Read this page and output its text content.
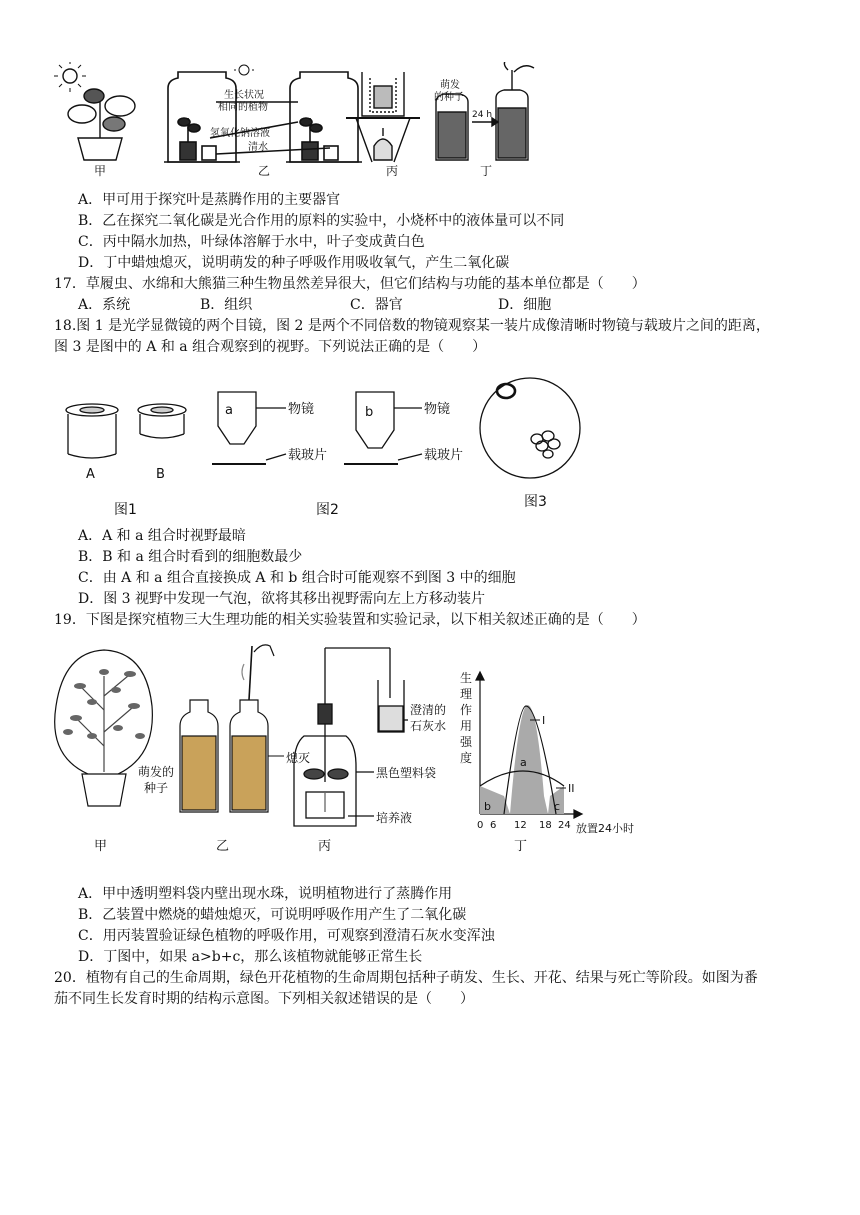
甲
生长状况
相同的植物
氢氧化钠溶液
清水
乙	丙
萌发
的种子
24 h
丁
A．甲可用于探究叶是蒸腾作用的主要器官
B．乙在探究二氧化碳是光合作用的原料的实验中，小烧杯中的液体量可以不同
C．丙中隔水加热，叶绿体溶解于水中，叶子变成黄白色
D．丁中蜡烛熄灭，说明萌发的种子呼吸作用吸收氧气，产生二氧化碳
17．草履虫、水绵和大熊猫三种生物虽然差异很大，但它们结构与功能的基本单位都是（　　）
A．系统	B．组织	C．器官	D．细胞
18.图 1 是光学显微镜的两个目镜，图 2 是两个不同倍数的物镜观察某一装片成像清晰时物镜与载玻片之间的距离，
图 3 是图中的 A 和 a 组合观察到的视野。下列说法正确的是（　　）
A	B
a	物镜
载玻片
b	物镜
载玻片
图1	图2	图3
A．A 和 a 组合时视野最暗
B．B 和 a 组合时看到的细胞数最少
C．由 A 和 a 组合直接换成 A 和 b 组合时可能观察不到图 3 中的细胞
D．图 3 视野中发现一气泡，欲将其移出视野需向左上方移动装片
19．下图是探究植物三大生理功能的相关实验装置和实验记录，以下相关叙述正确的是（　　）
甲
萌发的
种子
熄灭
乙
澄清的
石灰水
黑色塑料袋
培养液
丙
生
理
作
用
强
度
0 6 12 18 24 放置24小时
I
II
a
b	c
丁
A．甲中透明塑料袋内壁出现水珠，说明植物进行了蒸腾作用
B．乙装置中燃烧的蜡烛熄灭，可说明呼吸作用产生了二氧化碳
C．用丙装置验证绿色植物的呼吸作用，可观察到澄清石灰水变浑浊
D．丁图中，如果 a>b+c，那么该植物就能够正常生长
20．植物有自己的生命周期，绿色开花植物的生命周期包括种子萌发、生长、开花、结果与死亡等阶段。如图为番
茄不同生长发育时期的结构示意图。下列相关叙述错误的是（　　）
